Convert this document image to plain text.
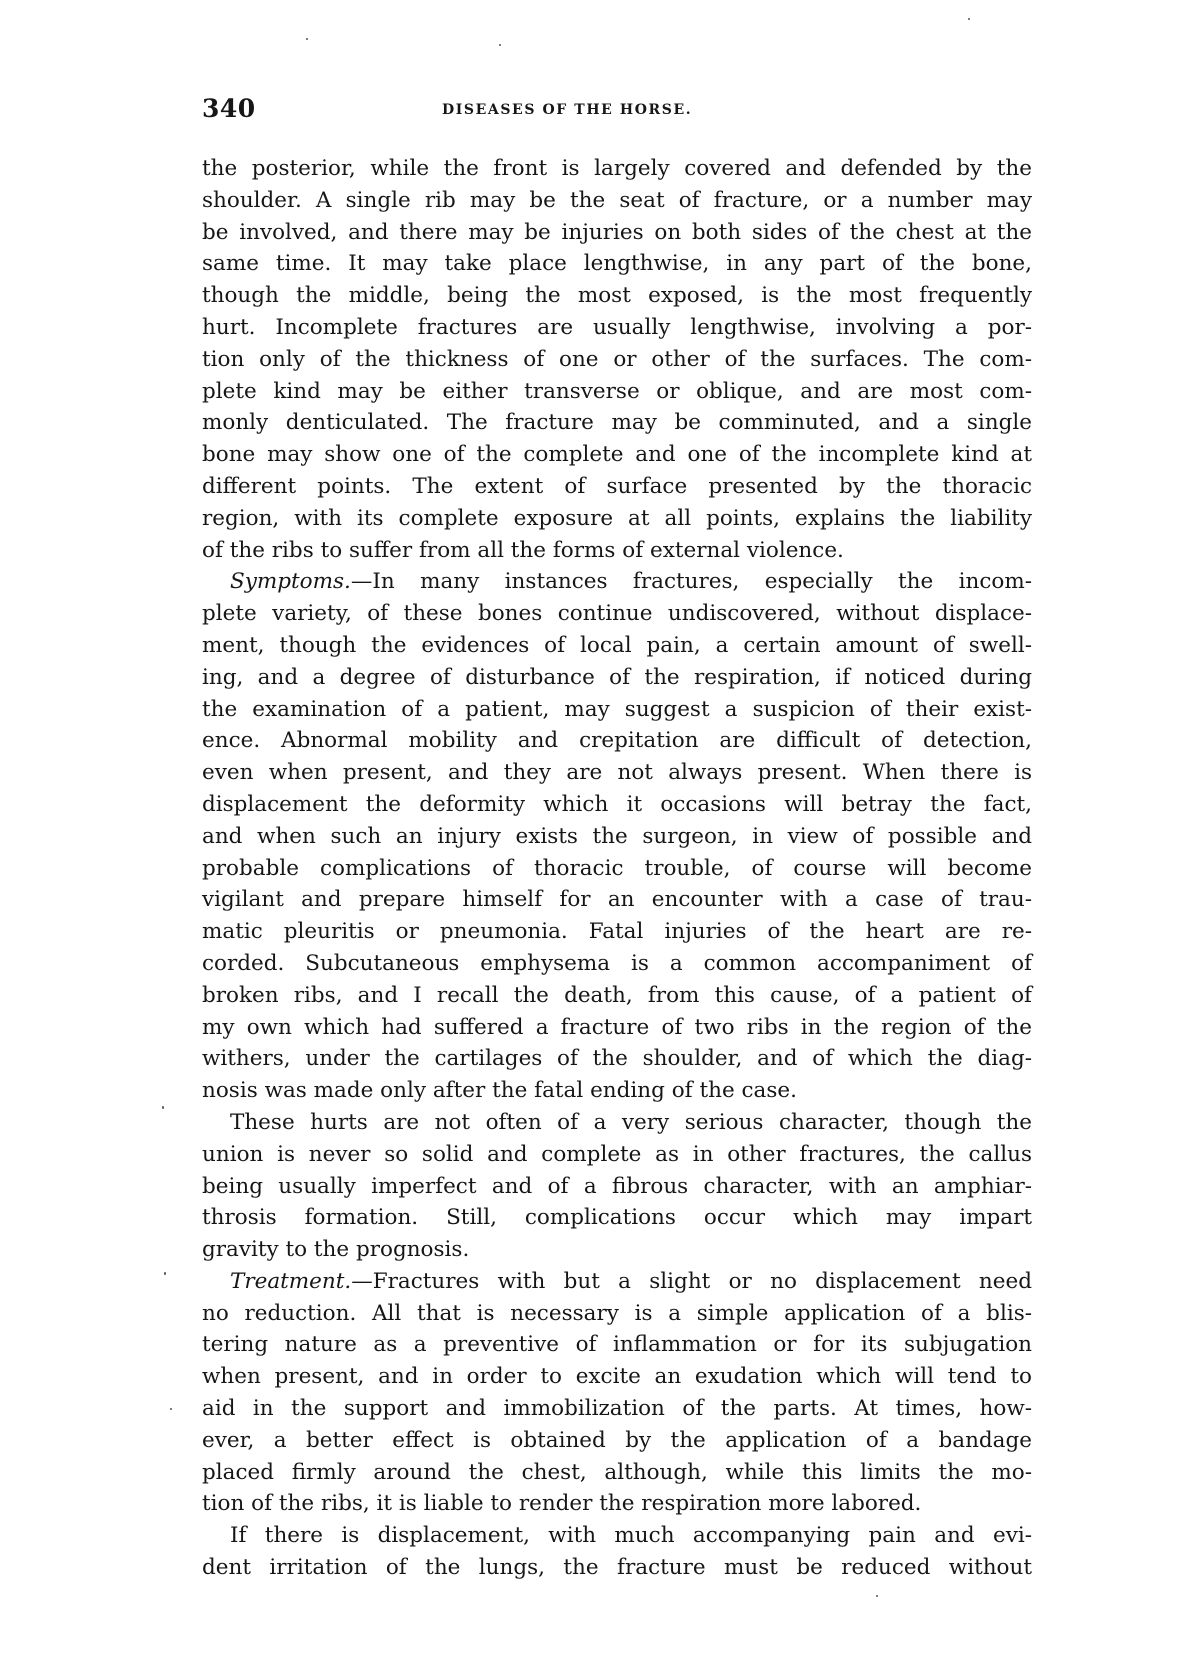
340	DISEASES OF THE HORSE.
the posterior, while the front is largely covered and defended by the
shoulder. A single rib may be the seat of fracture, or a number may
be involved, and there may be injuries on both sides of the chest at the
same time. It may take place lengthwise, in any part of the bone,
though the middle, being the most exposed, is the most frequently
hurt. Incomplete fractures are usually lengthwise, involving a por-
tion only of the thickness of one or other of the surfaces. The com-
plete kind may be either transverse or oblique, and are most com-
monly denticulated. The fracture may be comminuted, and a single
bone may show one of the complete and one of the incomplete kind at
different points. The extent of surface presented by the thoracic
region, with its complete exposure at all points, explains the liability
of the ribs to suffer from all the forms of external violence.
Symptoms.—In many instances fractures, especially the incom-
plete variety, of these bones continue undiscovered, without displace-
ment, though the evidences of local pain, a certain amount of swell-
ing, and a degree of disturbance of the respiration, if noticed during
the examination of a patient, may suggest a suspicion of their exist-
ence. Abnormal mobility and crepitation are difficult of detection,
even when present, and they are not always present. When there is
displacement the deformity which it occasions will betray the fact,
and when such an injury exists the surgeon, in view of possible and
probable complications of thoracic trouble, of course will become
vigilant and prepare himself for an encounter with a case of trau-
matic pleuritis or pneumonia. Fatal injuries of the heart are re-
corded. Subcutaneous emphysema is a common accompaniment of
broken ribs, and I recall the death, from this cause, of a patient of
my own which had suffered a fracture of two ribs in the region of the
withers, under the cartilages of the shoulder, and of which the diag-
nosis was made only after the fatal ending of the case.
These hurts are not often of a very serious character, though the
union is never so solid and complete as in other fractures, the callus
being usually imperfect and of a fibrous character, with an amphiar-
throsis formation. Still, complications occur which may impart
gravity to the prognosis.
Treatment.—Fractures with but a slight or no displacement need
no reduction. All that is necessary is a simple application of a blis-
tering nature as a preventive of inflammation or for its subjugation
when present, and in order to excite an exudation which will tend to
aid in the support and immobilization of the parts. At times, how-
ever, a better effect is obtained by the application of a bandage
placed firmly around the chest, although, while this limits the mo-
tion of the ribs, it is liable to render the respiration more labored.
If there is displacement, with much accompanying pain and evi-
dent irritation of the lungs, the fracture must be reduced without
